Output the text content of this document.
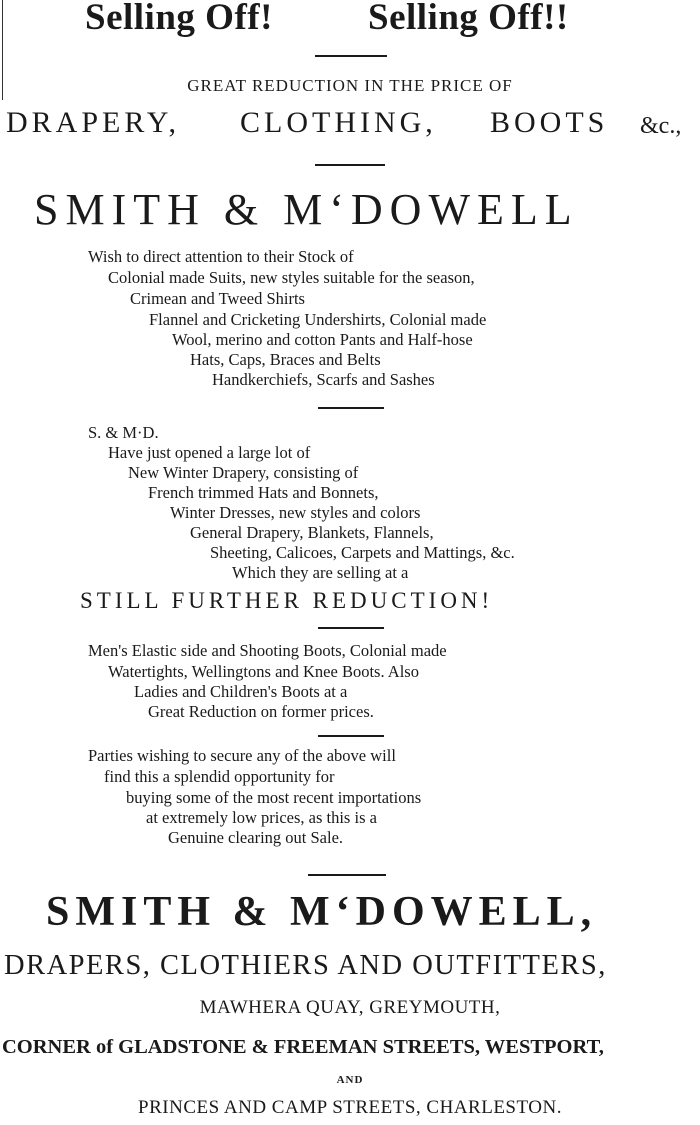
Selling Off!	Selling Off!!
GREAT REDUCTION IN THE PRICE OF
DRAPERY, CLOTHING, BOOTS &c.,
SMITH & M‘DOWELL
Wish to direct attention to their Stock of
Colonial made Suits, new styles suitable for the season,
Crimean and Tweed Shirts
Flannel and Cricketing Undershirts, Colonial made
Wool, merino and cotton Pants and Half-hose
Hats, Caps, Braces and Belts
Handkerchiefs, Scarfs and Sashes
S. & M·D.
Have just opened a large lot of
New Winter Drapery, consisting of
French trimmed Hats and Bonnets,
Winter Dresses, new styles and colors
General Drapery, Blankets, Flannels,
Sheeting, Calicoes, Carpets and Mattings, &c.
Which they are selling at a
STILL FURTHER REDUCTION!
Men's Elastic side and Shooting Boots, Colonial made
Watertights, Wellingtons and Knee Boots. Also
Ladies and Children's Boots at a
Great Reduction on former prices.
Parties wishing to secure any of the above will
find this a splendid opportunity for
buying some of the most recent importations
at extremely low prices, as this is a
Genuine clearing out Sale.
SMITH & M‘DOWELL,
DRAPERS, CLOTHIERS AND OUTFITTERS,
MAWHERA QUAY, GREYMOUTH,
CORNER of GLADSTONE & FREEMAN STREETS, WESTPORT,
AND
PRINCES AND CAMP STREETS, CHARLESTON.
